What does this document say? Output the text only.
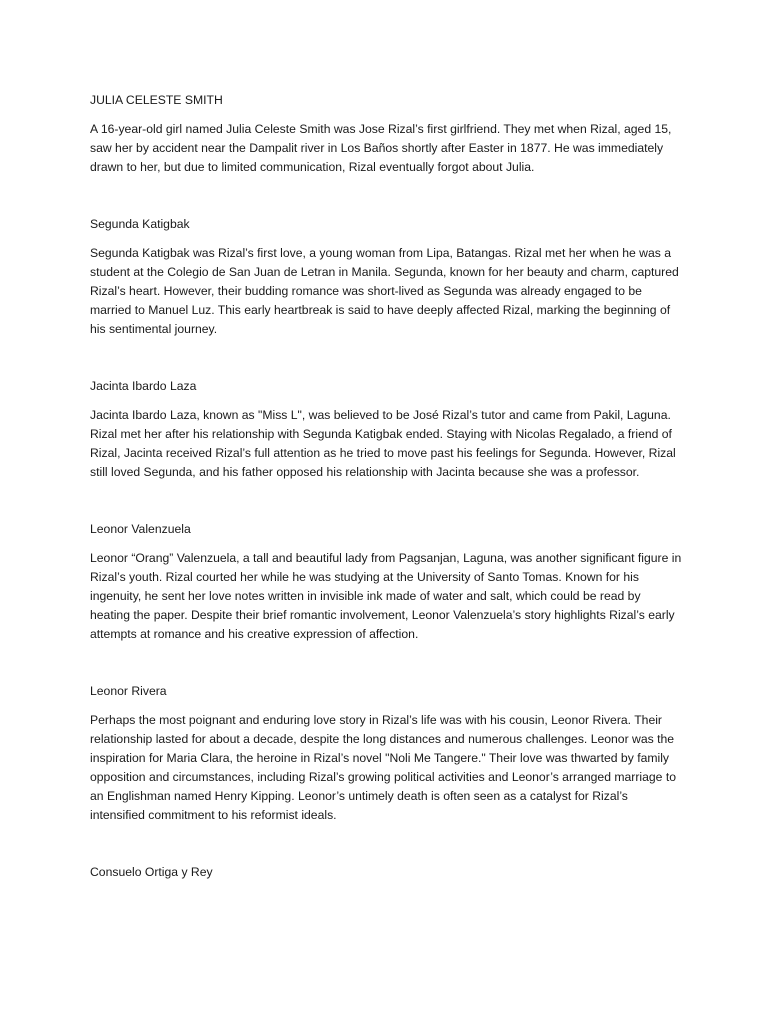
JULIA CELESTE SMITH

A 16-year-old girl named Julia Celeste Smith was Jose Rizal’s first girlfriend. They met when Rizal, aged 15, saw her by accident near the Dampalit river in Los Baños shortly after Easter in 1877. He was immediately drawn to her, but due to limited communication, Rizal eventually forgot about Julia.

Segunda Katigbak

Segunda Katigbak was Rizal’s first love, a young woman from Lipa, Batangas. Rizal met her when he was a student at the Colegio de San Juan de Letran in Manila. Segunda, known for her beauty and charm, captured Rizal’s heart. However, their budding romance was short-lived as Segunda was already engaged to be married to Manuel Luz. This early heartbreak is said to have deeply affected Rizal, marking the beginning of his sentimental journey.

Jacinta Ibardo Laza

Jacinta Ibardo Laza, known as "Miss L", was believed to be José Rizal’s tutor and came from Pakil, Laguna. Rizal met her after his relationship with Segunda Katigbak ended. Staying with Nicolas Regalado, a friend of Rizal, Jacinta received Rizal’s full attention as he tried to move past his feelings for Segunda. However, Rizal still loved Segunda, and his father opposed his relationship with Jacinta because she was a professor.

Leonor Valenzuela

Leonor “Orang” Valenzuela, a tall and beautiful lady from Pagsanjan, Laguna, was another significant figure in Rizal’s youth. Rizal courted her while he was studying at the University of Santo Tomas. Known for his ingenuity, he sent her love notes written in invisible ink made of water and salt, which could be read by heating the paper. Despite their brief romantic involvement, Leonor Valenzuela’s story highlights Rizal’s early attempts at romance and his creative expression of affection.

Leonor Rivera

Perhaps the most poignant and enduring love story in Rizal’s life was with his cousin, Leonor Rivera. Their relationship lasted for about a decade, despite the long distances and numerous challenges. Leonor was the inspiration for Maria Clara, the heroine in Rizal’s novel "Noli Me Tangere." Their love was thwarted by family opposition and circumstances, including Rizal’s growing political activities and Leonor’s arranged marriage to an Englishman named Henry Kipping. Leonor’s untimely death is often seen as a catalyst for Rizal’s intensified commitment to his reformist ideals.

Consuelo Ortiga y Rey
